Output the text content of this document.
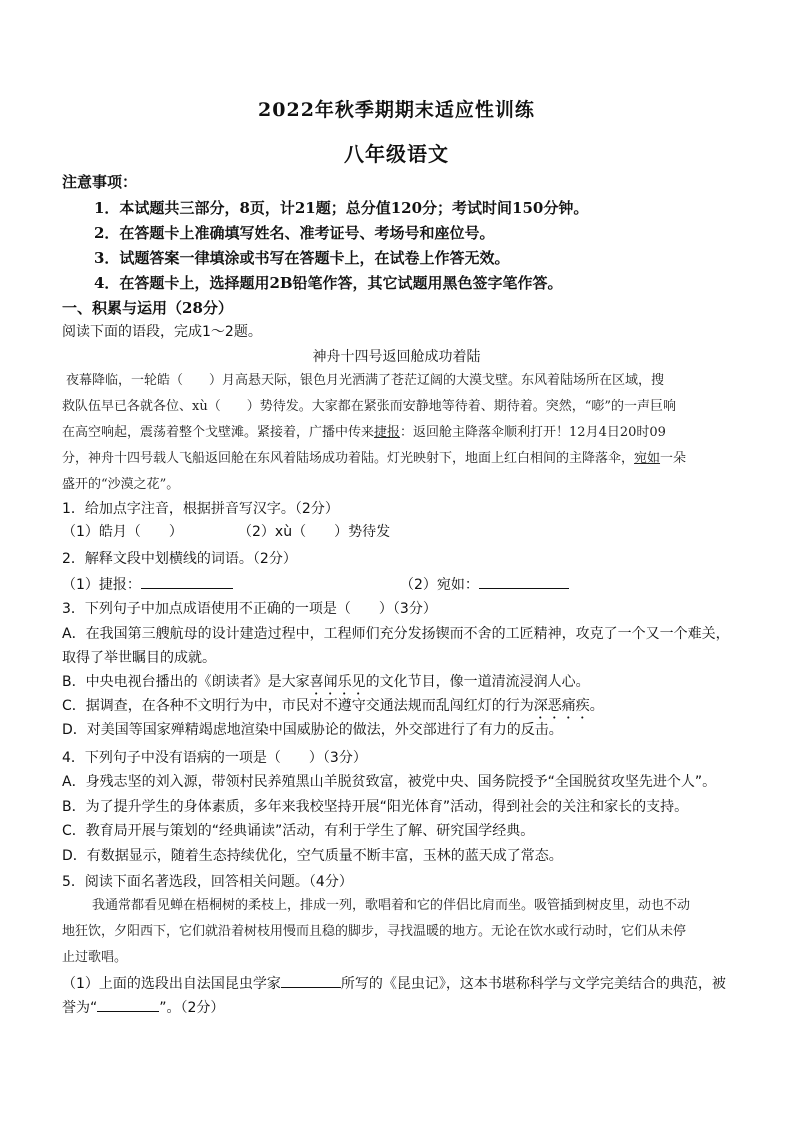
2022年秋季期期末适应性训练
八年级语文
注意事项：
1．本试题共三部分，8页，计21题；总分值120分；考试时间150分钟。
2．在答题卡上准确填写姓名、准考证号、考场号和座位号。
3．试题答案一律填涂或书写在答题卡上，在试卷上作答无效。
4．在答题卡上，选择题用2B铅笔作答，其它试题用黑色签字笔作答。
一、积累与运用（28分）
阅读下面的语段，完成1～2题。
神舟十四号返回舱成功着陆
夜幕降临，一轮皓（　　）月高悬天际，银色月光洒满了苍茫辽阔的大漠戈壁。东风着陆场所在区域，搜
救队伍早已各就各位、xù（　　）势待发。大家都在紧张而安静地等待着、期待着。突然，“嘭”的一声巨响
在高空响起，震荡着整个戈壁滩。紧接着，广播中传来捷报：返回舱主降落伞顺利打开！12月4日20时09
分，神舟十四号载人飞船返回舱在东风着陆场成功着陆。灯光映射下，地面上红白相间的主降落伞，宛如一朵
盛开的“沙漠之花”。
1．给加点字注音，根据拼音写汉字。（2分）
（1）皓月（　　）	（2）xù（　　）势待发
2．解释文段中划横线的词语。（2分）
（1）捷报：	（2）宛如：
3．下列句子中加点成语使用不正确的一项是（　　）（3分）
A．在我国第三艘航母的设计建造过程中，工程师们充分发扬锲而不舍的工匠精神，攻克了一个又一个难关，
取得了举世瞩目的成就。
B．中央电视台播出的《朗读者》是大家喜闻乐见的文化节目，像一道清流浸润人心。
C．据调查，在各种不文明行为中，市民对不遵守交通法规而乱闯红灯的行为深恶痛疾。
D．对美国等国家殚精竭虑地渲染中国威胁论的做法，外交部进行了有力的反击。
4．下列句子中没有语病的一项是（　　）（3分）
A．身残志坚的刘入源，带领村民养殖黑山羊脱贫致富，被党中央、国务院授予“全国脱贫攻坚先进个人”。
B．为了提升学生的身体素质，多年来我校坚持开展“阳光体育”活动，得到社会的关注和家长的支持。
C．教育局开展与策划的“经典诵读”活动，有利于学生了解、研究国学经典。
D．有数据显示，随着生态持续优化，空气质量不断丰富，玉林的蓝天成了常态。
5．阅读下面名著选段，回答相关问题。（4分）
我通常都看见蝉在梧桐树的柔枝上，排成一列，歌唱着和它的伴侣比肩而坐。吸管插到树皮里，动也不动
地狂饮，夕阳西下，它们就沿着树枝用慢而且稳的脚步，寻找温暖的地方。无论在饮水或行动时，它们从未停
止过歌唱。
（1）上面的选段出自法国昆虫学家	所写的《昆虫记》，这本书堪称科学与文学完美结合的典范，被
誉为“	”。（2分）
